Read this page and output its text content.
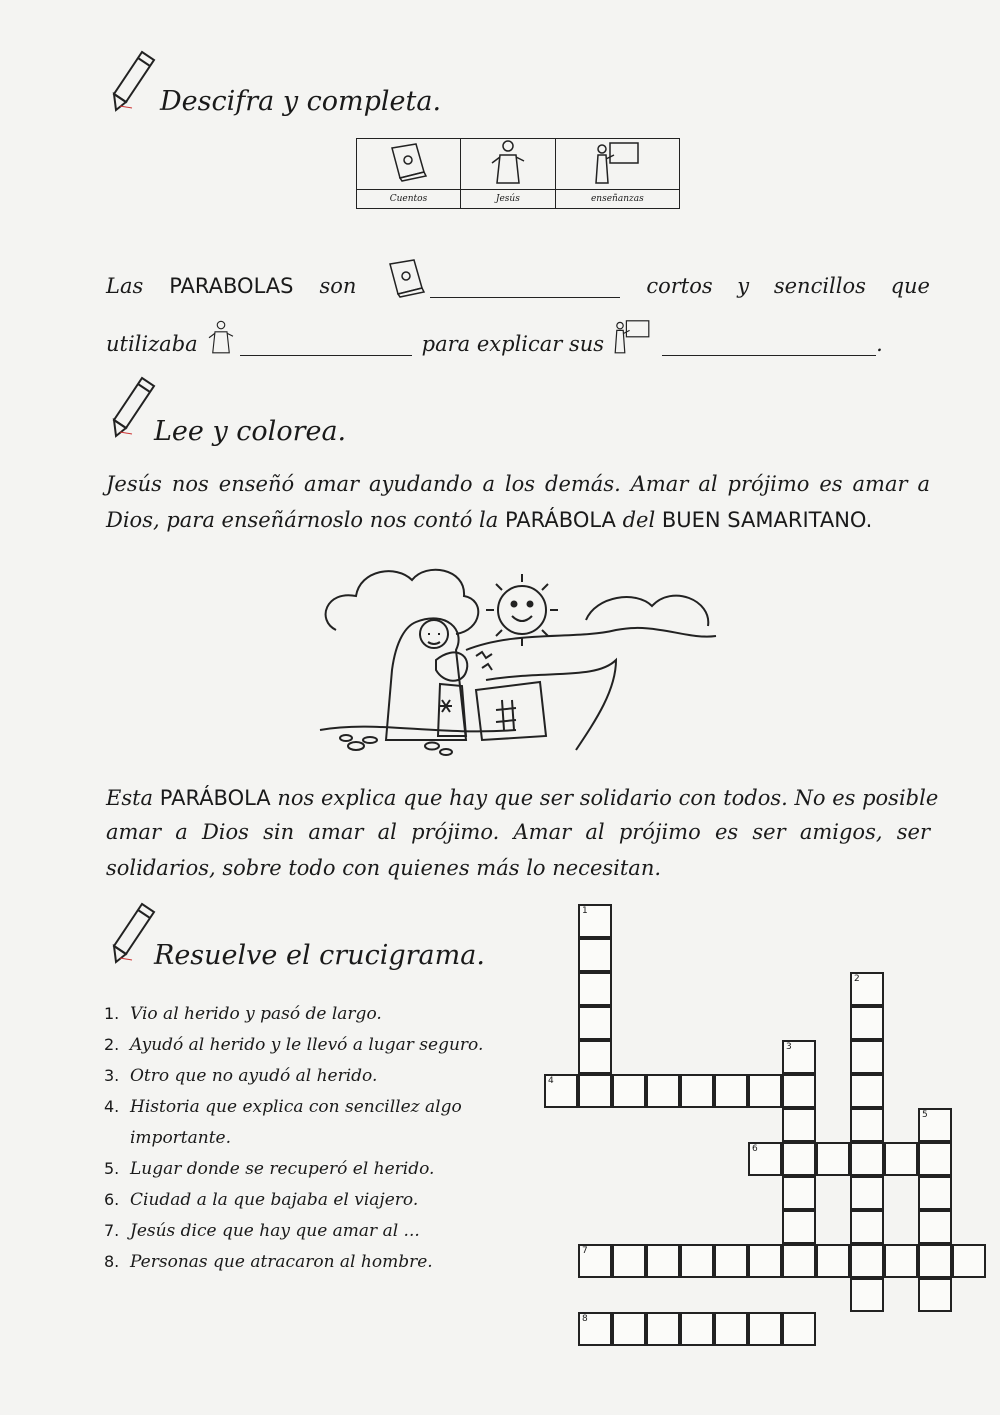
Descifra y completa.

Cuentos	Jesús	enseñanzas
Las PARABOLAS son	cortos y sencillos que
utilizaba	para explicar sus	.
Lee y colorea.
Jesús nos enseñó amar ayudando a los demás. Amar al prójimo es amar a
Dios, para enseñárnoslo nos contó la PARÁBOLA del BUEN SAMARITANO.
Esta PARÁBOLA nos explica que hay que ser solidario con todos. No es posible
amar a Dios sin amar al prójimo. Amar al prójimo es ser amigos, ser
solidarios, sobre todo con quienes más lo necesitan.
Resuelve el crucigrama.
1. Vio al herido y pasó de largo.
2. Ayudó al herido y le llevó a lugar seguro.
3. Otro que no ayudó al herido.
4. Historia que explica con sencillez algo
importante.
5. Lugar donde se recuperó el herido.
6. Ciudad a la que bajaba el viajero.
7. Jesús dice que hay que amar al ...
8. Personas que atracaron al hombre.
1
2
3
4
5
6
7
8
